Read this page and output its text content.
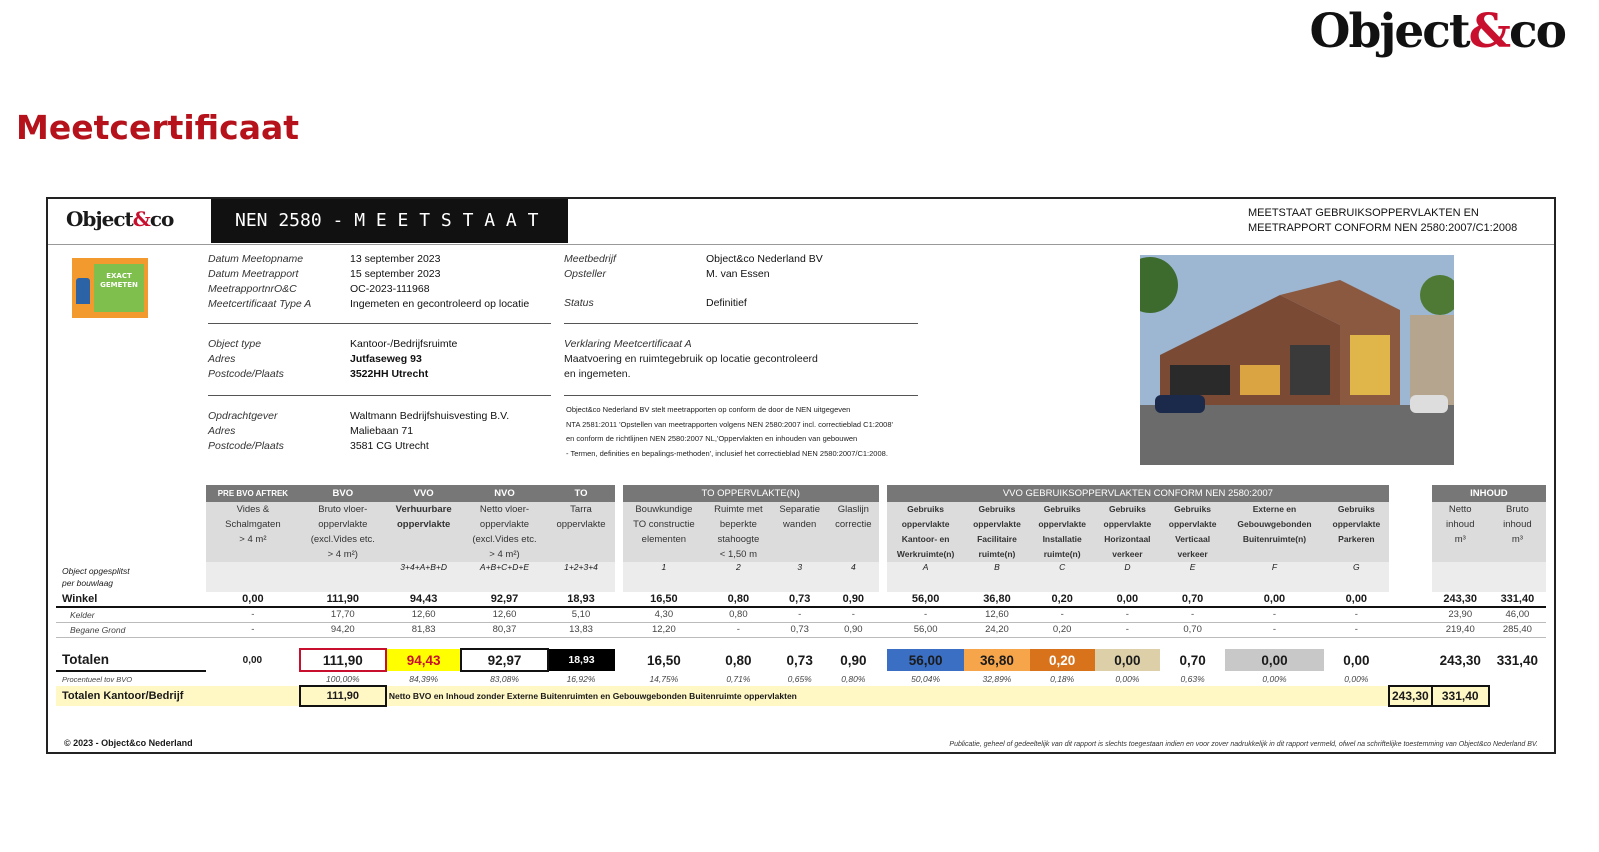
Object&co
Meetcertificaat
Object&co	NEN 2580 - M E E T S T A A T	MEETSTAAT GEBRUIKSOPPERVLAKTEN EN
MEETRAPPORT CONFORM NEN 2580:2007/C1:2008
EXACT
GEMETEN
Datum Meetopname	13 september 2023
Datum Meetrapport	15 september 2023
MeetrapportnrO&C	OC-2023-111968
Meetcertificaat Type A	Ingemeten en gecontroleerd op locatie
Meetbedrijf	Object&co Nederland BV
Opsteller	M. van Essen
Status	Definitief
Object type	Kantoor-/Bedrijfsruimte
Adres	Jutfaseweg 93
Postcode/Plaats	3522HH Utrecht
Verklaring Meetcertificaat A
Maatvoering en ruimtegebruik op locatie gecontroleerd
en ingemeten.
Opdrachtgever	Waltmann Bedrijfshuisvesting B.V.
Adres	Maliebaan 71
Postcode/Plaats	3581 CG Utrecht
Object&co Nederland BV stelt meetrapporten op conform de door de NEN uitgegeven
NTA 2581:2011 'Opstellen van meetrapporten volgens NEN 2580:2007 incl. correctieblad C1:2008'
en conform de richtlijnen NEN 2580:2007 NL,'Oppervlakten en inhouden van gebouwen
- Termen, definities en bepalings-methoden', inclusief het correctieblad NEN 2580:2007/C1:2008.
	PRE BVO AFTREK	BVO	VVO	NVO	TO		TO OPPERVLAKTE(N)					VVO GEBRUIKSOPPERVLAKTEN CONFORM NEN 2580:2007								INHOUD	
	Vides &
Schalmgaten
> 4 m²	Bruto vloer-
oppervlakte
(excl.Vides etc.
> 4 m²)	Verhuurbare
oppervlakte	Netto vloer-
oppervlakte
(excl.Vides etc.
> 4 m²)	Tarra
oppervlakte		Bouwkundige
TO constructie
elementen	Ruimte met
beperkte
stahoogte
< 1,50 m	Separatie
wanden	Glaslijn
correctie		Gebruiks
oppervlakte
Kantoor- en
Werkruimte(n)	Gebruiks
oppervlakte
Facilitaire
ruimte(n)	Gebruiks
oppervlakte
Installatie
ruimte(n)	Gebruiks
oppervlakte
Horizontaal
verkeer	Gebruiks
oppervlakte
Verticaal
verkeer	Externe en
Gebouwgebonden
Buitenruimte(n)	Gebruiks
oppervlakte
Parkeren		Netto
inhoud
m³	Bruto
inhoud
m³
Object opgesplitst
per bouwlaag			3+4+A+B+D	A+B+C+D+E	1+2+3+4		1	2	3	4		A	B	C	D	E	F	G			
Winkel	0,00	111,90	94,43	92,97	18,93		16,50	0,80	0,73	0,90		56,00	36,80	0,20	0,00	0,70	0,00	0,00		243,30	331,40
Kelder	-	17,70	12,60	12,60	5,10		4,30	0,80	-	-		-	12,60	-	-	-	-	-		23,90	46,00
Begane Grond	-	94,20	81,83	80,37	13,83		12,20	-	0,73	0,90		56,00	24,20	0,20	-	0,70	-	-		219,40	285,40

Totalen	0,00	111,90	94,43	92,97	18,93		16,50	0,80	0,73	0,90		56,00	36,80	0,20	0,00	0,70	0,00	0,00		243,30	331,40
Procentueel tov BVO		100,00%	84,39%	83,08%	16,92%		14,75%	0,71%	0,65%	0,80%		50,04%	32,89%	0,18%	0,00%	0,63%	0,00%	0,00%			
Totalen Kantoor/Bedrijf		111,90	Netto BVO en Inhoud zonder Externe Buitenruimten en Gebouwgebonden Buitenruimte oppervlakten																243,30	331,40	
© 2023 - Object&co Nederland	Publicatie, geheel of gedeeltelijk van dit rapport is slechts toegestaan indien en voor zover nadrukkelijk in dit rapport vermeld, ofwel na schriftelijke toestemming van Object&co Nederland BV.
